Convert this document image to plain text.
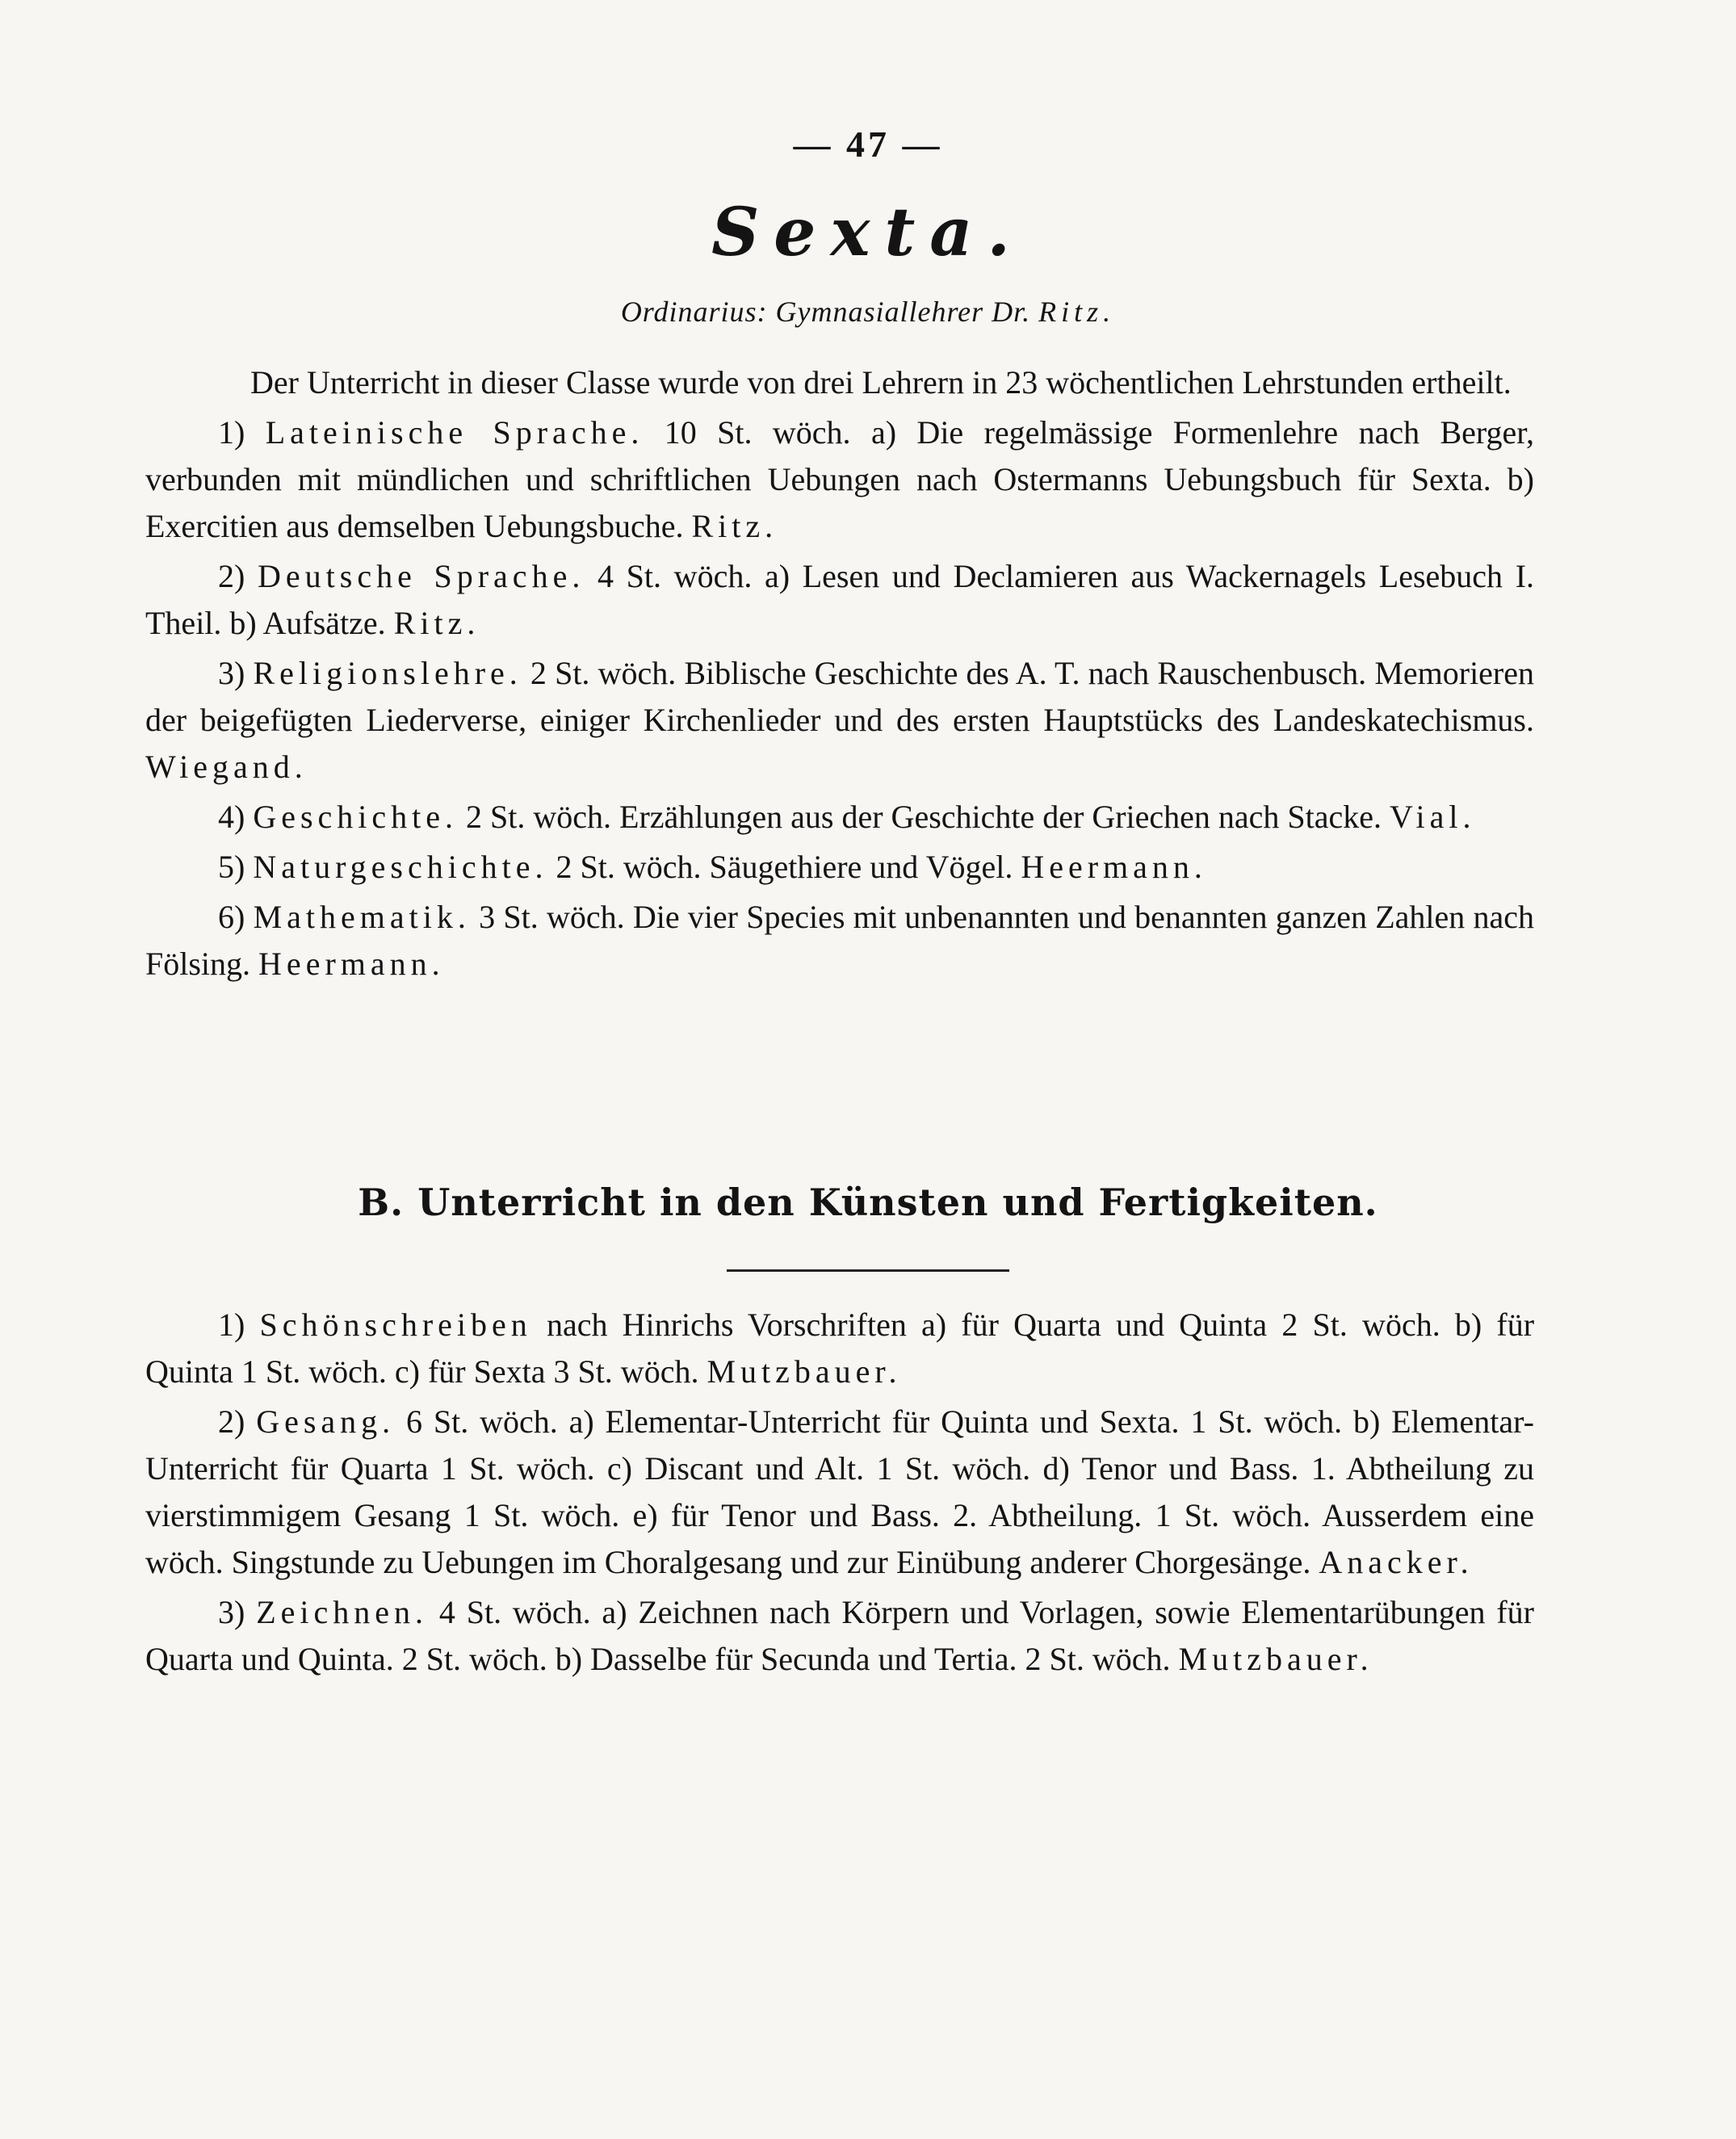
— 47 —
Sexta.
Ordinarius: Gymnasiallehrer Dr. Ritz.

Der Unterricht in dieser Classe wurde von drei Lehrern in 23 wöchentlichen Lehrstunden ertheilt.

1) Lateinische Sprache. 10 St. wöch. a) Die regelmässige Formenlehre nach Berger, verbunden mit mündlichen und schriftlichen Uebungen nach Ostermanns Uebungsbuch für Sexta. b) Exercitien aus demselben Uebungsbuche. Ritz.

2) Deutsche Sprache. 4 St. wöch. a) Lesen und Declamieren aus Wackernagels Lesebuch I. Theil. b) Aufsätze. Ritz.

3) Religionslehre. 2 St. wöch. Biblische Geschichte des A. T. nach Rauschenbusch. Memorieren der beigefügten Liederverse, einiger Kirchenlieder und des ersten Hauptstücks des Landeskatechismus. Wiegand.

4) Geschichte. 2 St. wöch. Erzählungen aus der Geschichte der Griechen nach Stacke. Vial.

5) Naturgeschichte. 2 St. wöch. Säugethiere und Vögel. Heermann.

6) Mathematik. 3 St. wöch. Die vier Species mit unbenannten und benannten ganzen Zahlen nach Fölsing. Heermann.

B. Unterricht in den Künsten und Fertigkeiten.

1) Schönschreiben nach Hinrichs Vorschriften a) für Quarta und Quinta 2 St. wöch. b) für Quinta 1 St. wöch. c) für Sexta 3 St. wöch. Mutzbauer.

2) Gesang. 6 St. wöch. a) Elementar-Unterricht für Quinta und Sexta. 1 St. wöch. b) Elementar-Unterricht für Quarta 1 St. wöch. c) Discant und Alt. 1 St. wöch. d) Tenor und Bass. 1. Abtheilung zu vierstimmigem Gesang 1 St. wöch. e) für Tenor und Bass. 2. Abtheilung. 1 St. wöch. Ausserdem eine wöch. Singstunde zu Uebungen im Choralgesang und zur Einübung anderer Chorgesänge. Anacker.

3) Zeichnen. 4 St. wöch. a) Zeichnen nach Körpern und Vorlagen, sowie Elementarübungen für Quarta und Quinta. 2 St. wöch. b) Dasselbe für Secunda und Tertia. 2 St. wöch. Mutzbauer.
